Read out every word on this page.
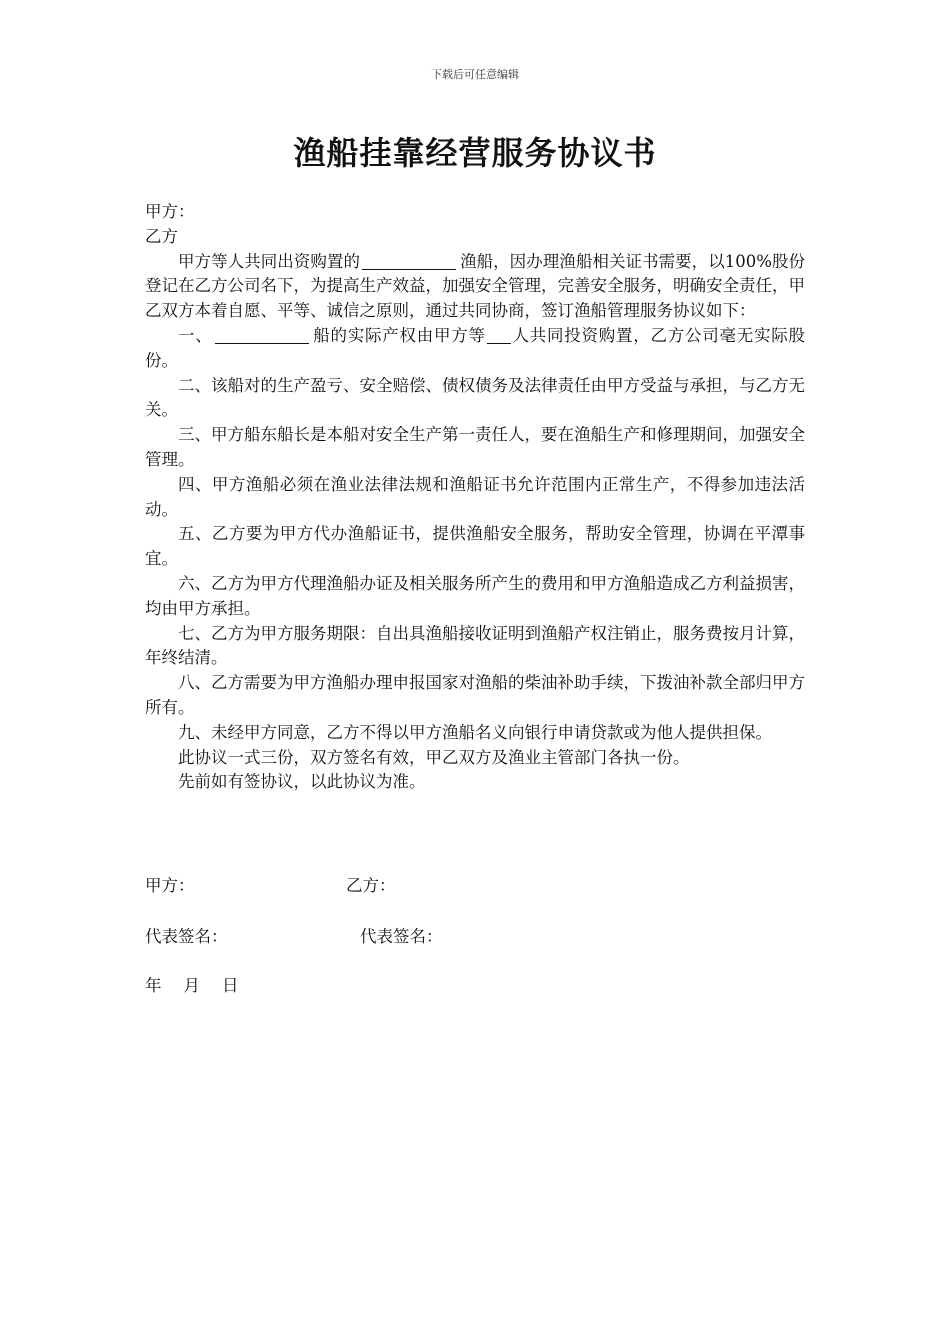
下载后可任意编辑
渔船挂靠经营服务协议书

甲方：

乙方

甲方等人共同出资购置的	渔船，因办理渔船相关证书需要，以100%股份登记在乙方公司名下，为提高生产效益，加强安全管理，完善安全服务，明确安全责任，甲乙双方本着自愿、平等、诚信之原则，通过共同协商，签订渔船管理服务协议如下：

一、	船的实际产权由甲方等 人共同投资购置，乙方公司毫无实际股份。

二、该船对的生产盈亏、安全赔偿、债权债务及法律责任由甲方受益与承担，与乙方无关。

三、甲方船东船长是本船对安全生产第一责任人，要在渔船生产和修理期间，加强安全管理。

四、甲方渔船必须在渔业法律法规和渔船证书允许范围内正常生产，不得参加违法活动。

五、乙方要为甲方代办渔船证书，提供渔船安全服务，帮助安全管理，协调在平潭事宜。

六、乙方为甲方代理渔船办证及相关服务所产生的费用和甲方渔船造成乙方利益损害，均由甲方承担。

七、乙方为甲方服务期限：自出具渔船接收证明到渔船产权注销止，服务费按月计算，年终结清。

八、乙方需要为甲方渔船办理申报国家对渔船的柴油补助手续，下拨油补款全部归甲方所有。

九、未经甲方同意，乙方不得以甲方渔船名义向银行申请贷款或为他人提供担保。

此协议一式三份，双方签名有效，甲乙双方及渔业主管部门各执一份。

先前如有签协议，以此协议为准。

甲方：	乙方：
代表签名：	代表签名：
年 月 日
